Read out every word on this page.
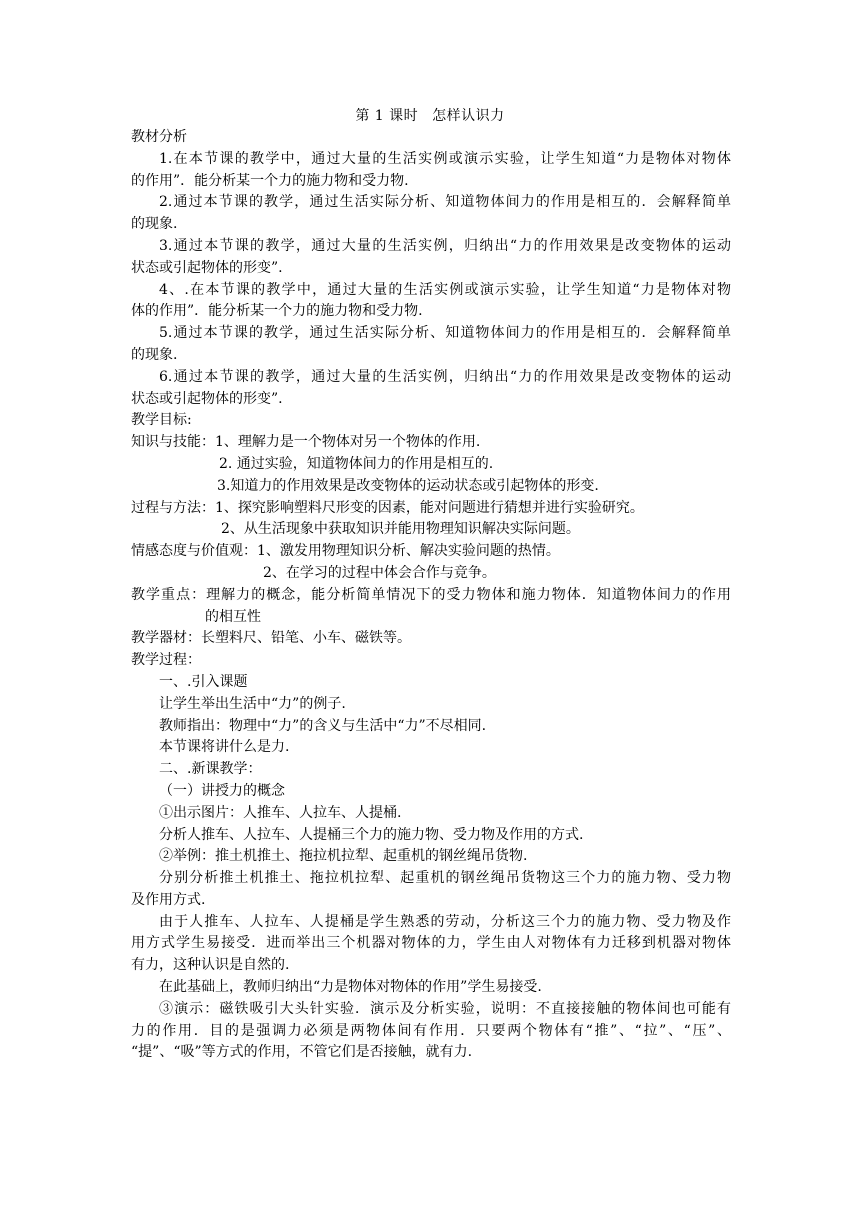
第 1 课时 怎样认识力
教材分析
1.在本节课的教学中，通过大量的生活实例或演示实验，让学生知道“力是物体对物体
的作用”．能分析某一个力的施力物和受力物.
2.通过本节课的教学，通过生活实际分析、知道物体间力的作用是相互的．会解释简单
的现象.
3.通过本节课的教学，通过大量的生活实例，归纳出“力的作用效果是改变物体的运动
状态或引起物体的形变”.
4、.在本节课的教学中，通过大量的生活实例或演示实验，让学生知道“力是物体对物
体的作用”．能分析某一个力的施力物和受力物.
5.通过本节课的教学，通过生活实际分析、知道物体间力的作用是相互的．会解释简单
的现象.
6.通过本节课的教学，通过大量的生活实例，归纳出“力的作用效果是改变物体的运动
状态或引起物体的形变”.
教学目标:
知识与技能：1、理解力是一个物体对另一个物体的作用.
2. 通过实验，知道物体间力的作用是相互的.
3.知道力的作用效果是改变物体的运动状态或引起物体的形变.
过程与方法：1、探究影响塑料尺形变的因素，能对问题进行猜想并进行实验研究。
2、从生活现象中获取知识并能用物理知识解决实际问题。
情感态度与价值观：1、激发用物理知识分析、解决实验问题的热情。
2、在学习的过程中体会合作与竞争。
教学重点：理解力的概念，能分析简单情况下的受力物体和施力物体．知道物体间力的作用
的相互性
教学器材：长塑料尺、铅笔、小车、磁铁等。
教学过程：
一、.引入课题
让学生举出生活中“力”的例子.
教师指出：物理中“力”的含义与生活中“力”不尽相同.
本节课将讲什么是力.
二、.新课教学：
（一）讲授力的概念
①出示图片：人推车、人拉车、人提桶.
分析人推车、人拉车、人提桶三个力的施力物、受力物及作用的方式.
②举例：推土机推土、拖拉机拉犁、起重机的钢丝绳吊货物.
分别分析推土机推土、拖拉机拉犁、起重机的钢丝绳吊货物这三个力的施力物、受力物
及作用方式.
由于人推车、人拉车、人提桶是学生熟悉的劳动，分析这三个力的施力物、受力物及作
用方式学生易接受．进而举出三个机器对物体的力，学生由人对物体有力迁移到机器对物体
有力，这种认识是自然的.
在此基础上，教师归纳出“力是物体对物体的作用”学生易接受.
③演示：磁铁吸引大头针实验．演示及分析实验，说明：不直接接触的物体间也可能有
力的作用．目的是强调力必须是两物体间有作用．只要两个物体有“推”、“拉”、“压”、
“提”、“吸”等方式的作用，不管它们是否接触，就有力.
